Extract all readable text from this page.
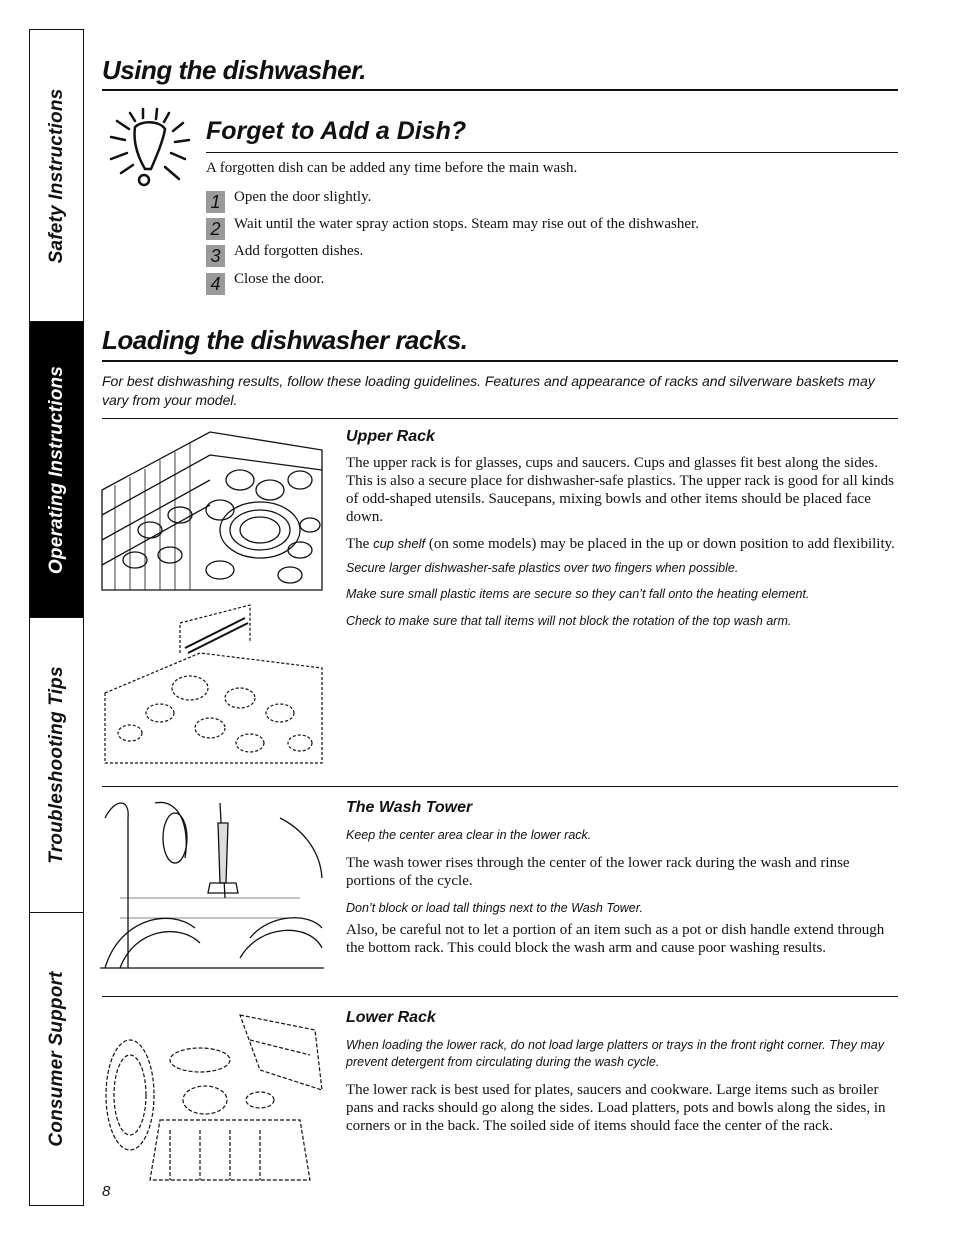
Safety Instructions
Operating Instructions
Troubleshooting Tips
Consumer Support
Using the dishwasher.
Forget to Add a Dish?
A forgotten dish can be added any time before the main wash.
1 Open the door slightly.
2 Wait until the water spray action stops. Steam may rise out of the dishwasher.
3 Add forgotten dishes.
4 Close the door.
Loading the dishwasher racks.
For best dishwashing results, follow these loading guidelines. Features and appearance of racks and silverware baskets may vary from your model.
Upper Rack

The upper rack is for glasses, cups and saucers. Cups and glasses fit best along the sides. This is also a secure place for dishwasher-safe plastics. The upper rack is good for all kinds of odd-shaped utensils. Saucepans, mixing bowls and other items should be placed face down.

The cup shelf (on some models) may be placed in the up or down position to add flexibility.

Secure larger dishwasher-safe plastics over two fingers when possible.

Make sure small plastic items are secure so they can’t fall onto the heating element.

Check to make sure that tall items will not block the rotation of the top wash arm.

The Wash Tower

Keep the center area clear in the lower rack.

The wash tower rises through the center of the lower rack during the wash and rinse portions of the cycle.

Don’t block or load tall things next to the Wash Tower.

Also, be careful not to let a portion of an item such as a pot or dish handle extend through the bottom rack. This could block the wash arm and cause poor washing results.

Lower Rack

When loading the lower rack, do not load large platters or trays in the front right corner. They may prevent detergent from circulating during the wash cycle.

The lower rack is best used for plates, saucers and cookware. Large items such as broiler pans and racks should go along the sides. Load platters, pots and bowls along the sides, in corners or in the back. The soiled side of items should face the center of the rack.

8
